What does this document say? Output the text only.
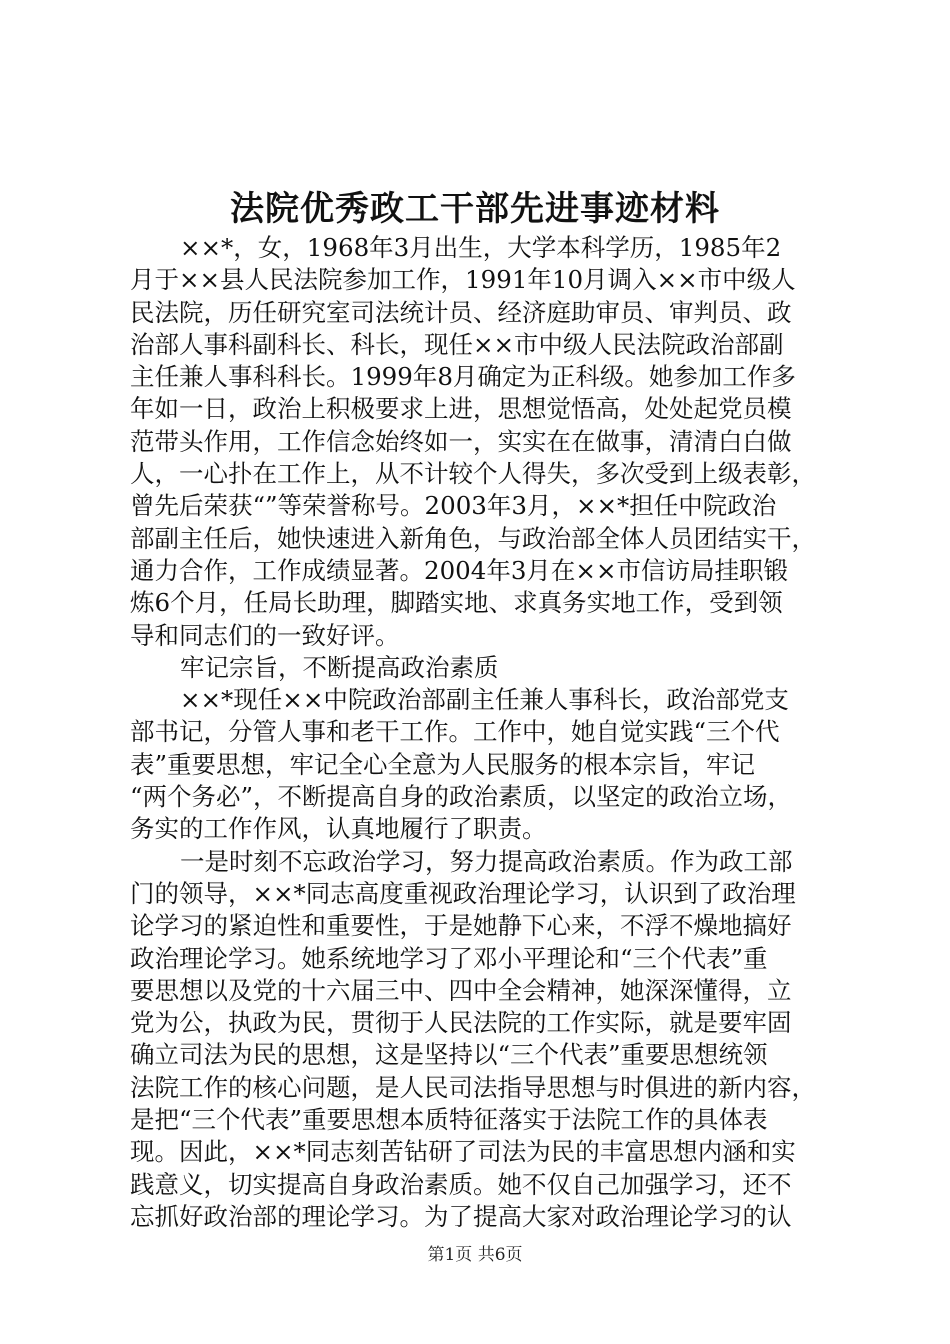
法院优秀政工干部先进事迹材料
××*，女，1968年3月出生，大学本科学历，1985年2
月于××县人民法院参加工作，1991年10月调入××市中级人
民法院，历任研究室司法统计员、经济庭助审员、审判员、政
治部人事科副科长、科长，现任××市中级人民法院政治部副
主任兼人事科科长。1999年8月确定为正科级。她参加工作多
年如一日，政治上积极要求上进，思想觉悟高，处处起党员模
范带头作用，工作信念始终如一，实实在在做事，清清白白做
人，一心扑在工作上，从不计较个人得失，多次受到上级表彰，
曾先后荣获“”等荣誉称号。2003年3月，××*担任中院政治
部副主任后，她快速进入新角色，与政治部全体人员团结实干，
通力合作，工作成绩显著。2004年3月在××市信访局挂职锻
炼6个月，任局长助理，脚踏实地、求真务实地工作，受到领
导和同志们的一致好评。
牢记宗旨，不断提高政治素质
××*现任××中院政治部副主任兼人事科长，政治部党支
部书记，分管人事和老干工作。工作中，她自觉实践“三个代
表”重要思想，牢记全心全意为人民服务的根本宗旨，牢记
“两个务必”，不断提高自身的政治素质，以坚定的政治立场，
务实的工作作风，认真地履行了职责。
一是时刻不忘政治学习，努力提高政治素质。作为政工部
门的领导，××*同志高度重视政治理论学习，认识到了政治理
论学习的紧迫性和重要性，于是她静下心来，不浮不燥地搞好
政治理论学习。她系统地学习了邓小平理论和“三个代表”重
要思想以及党的十六届三中、四中全会精神，她深深懂得，立
党为公，执政为民，贯彻于人民法院的工作实际，就是要牢固
确立司法为民的思想，这是坚持以“三个代表”重要思想统领
法院工作的核心问题，是人民司法指导思想与时俱进的新内容，
是把“三个代表”重要思想本质特征落实于法院工作的具体表
现。因此，××*同志刻苦钻研了司法为民的丰富思想内涵和实
践意义，切实提高自身政治素质。她不仅自己加强学习，还不
忘抓好政治部的理论学习。为了提高大家对政治理论学习的认
第1页 共6页
